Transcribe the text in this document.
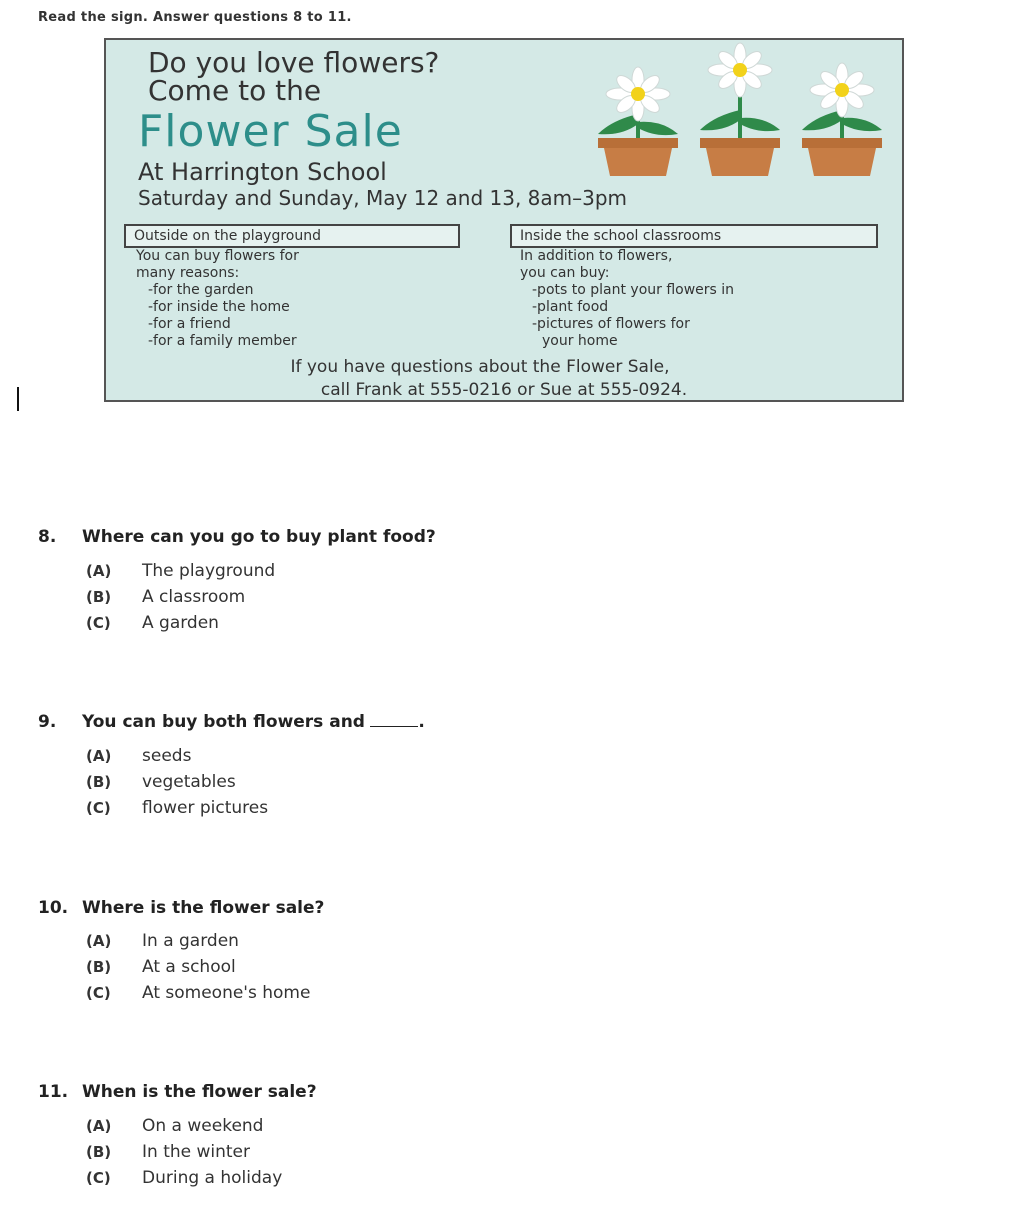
Read the sign. Answer questions 8 to 11.
Do you love flowers?
Come to the
Flower Sale
At Harrington School
Saturday and Sunday, May 12 and 13, 8am–3pm
Outside on the playground	Inside the school classrooms
You can buy flowers for
many reasons:
-for the garden
-for inside the home
-for a friend
-for a family member
In addition to flowers,
you can buy:
-pots to plant your flowers in
-plant food
-pictures of flowers for
your home
If you have questions about the Flower Sale,
call Frank at 555-0216 or Sue at 555-0924.
8. Where can you go to buy plant food?
(A) The playground
(B) A classroom
(C) A garden
9. You can buy both flowers and	.
(A) seeds
(B) vegetables
(C) flower pictures
10. Where is the flower sale?
(A) In a garden
(B) At a school
(C) At someone's home
11. When is the flower sale?
(A) On a weekend
(B) In the winter
(C) During a holiday
